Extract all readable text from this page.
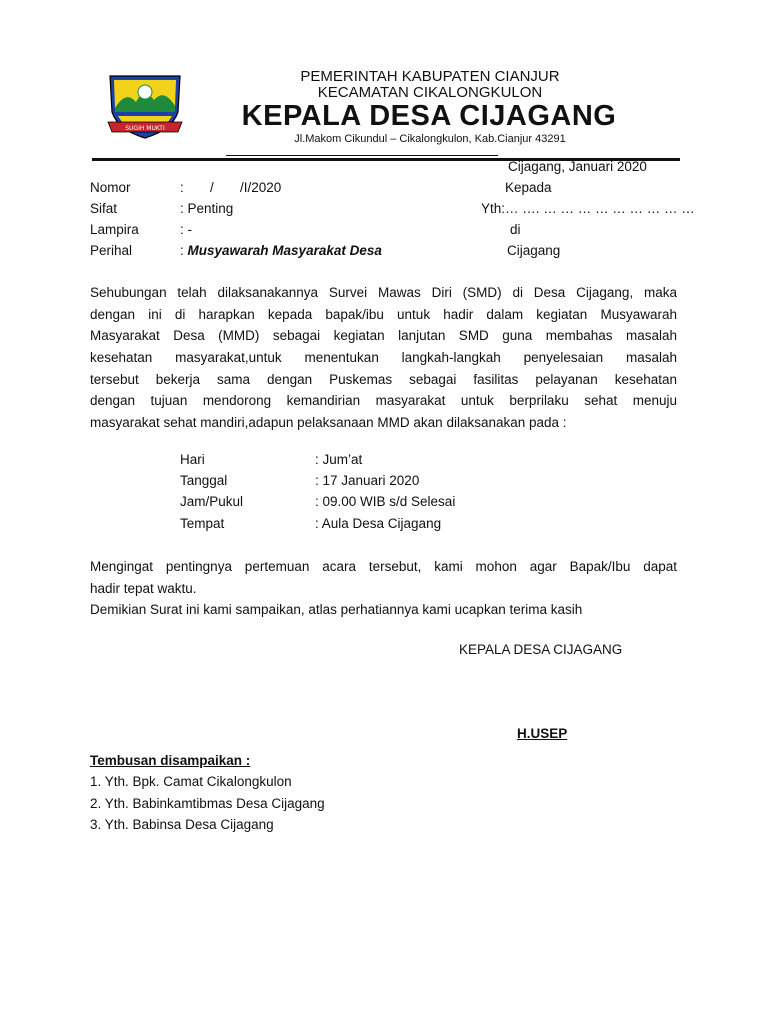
SUGIH MUKTI
PEMERINTAH KABUPATEN CIANJUR
KECAMATAN CIKALONGKULON
KEPALA DESA CIJAGANG
Jl.Makom Cikundul – Cikalongkulon, Kab.Cianjur 43291
Cijagang, Januari 2020
Nomor	:       /       /I/2020
Sifat	: Penting
Lampira	: -
Perihal	: Musyawarah Masyarakat Desa
Kepada
Yth:… …. … … … … … … … … …
di
Cijagang
Sehubungan telah dilaksanakannya Survei Mawas Diri (SMD) di Desa Cijagang, maka
dengan ini di harapkan kepada bapak/ibu untuk hadir dalam kegiatan Musyawarah
Masyarakat Desa (MMD) sebagai kegiatan lanjutan SMD guna membahas masalah
kesehatan masyarakat,untuk menentukan langkah-langkah penyelesaian masalah
tersebut bekerja sama dengan Puskemas sebagai fasilitas pelayanan kesehatan
dengan tujuan mendorong kemandirian masyarakat untuk berprilaku sehat menuju
masyarakat sehat mandiri,adapun pelaksanaan MMD akan dilaksanakan pada :
Hari	: Jum’at
Tanggal	: 17 Januari 2020
Jam/Pukul	: 09.00 WIB s/d Selesai
Tempat	: Aula Desa Cijagang
Mengingat pentingnya pertemuan acara tersebut, kami mohon agar Bapak/Ibu dapat
hadir tepat waktu.
Demikian Surat ini kami sampaikan, atlas perhatiannya kami ucapkan terima kasih
KEPALA DESA CIJAGANG
H.USEP
Tembusan disampaikan :
1. Yth. Bpk. Camat Cikalongkulon
2. Yth. Babinkamtibmas Desa Cijagang
3. Yth. Babinsa Desa Cijagang
